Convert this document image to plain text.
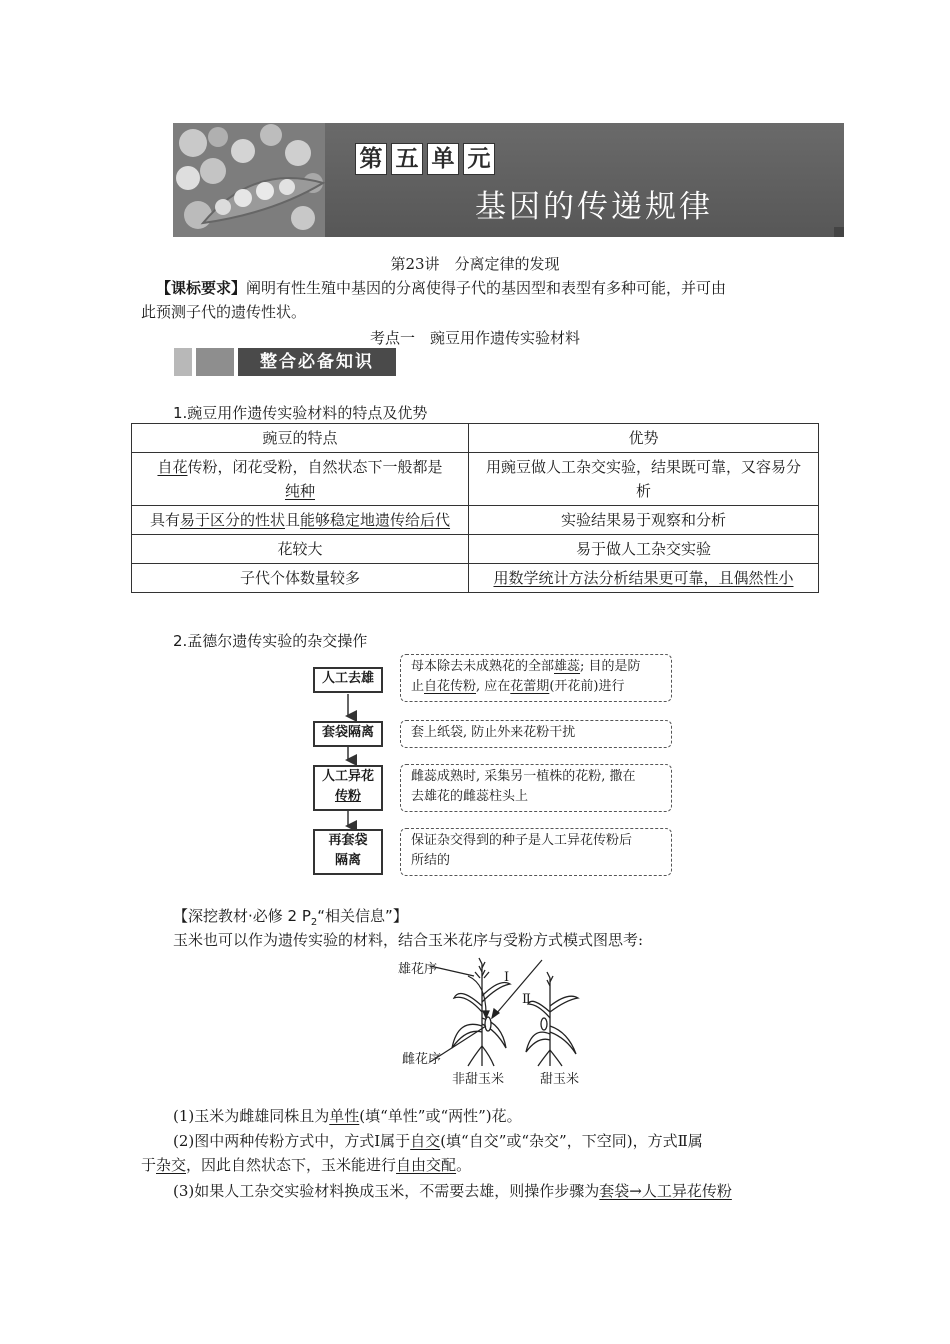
第 五 单 元
基因的传递规律
第23讲　分离定律的发现
【课标要求】阐明有性生殖中基因的分离使得子代的基因型和表型有多种可能，并可由
此预测子代的遗传性状。
考点一　豌豆用作遗传实验材料
整合必备知识
1.豌豆用作遗传实验材料的特点及优势
豌豆的特点	优势
自花传粉，闭花受粉，自然状态下一般都是
纯种	用豌豆做人工杂交实验，结果既可靠，又容易分析
具有易于区分的性状且能够稳定地遗传给后代	实验结果易于观察和分析
花较大	易于做人工杂交实验
子代个体数量较多	用数学统计方法分析结果更可靠，且偶然性小
2.孟德尔遗传实验的杂交操作
人工去雄
套袋隔离
人工异花
传粉
再套袋
隔离
母本除去未成熟花的全部雄蕊; 目的是防
止自花传粉, 应在花蕾期(开花前)进行
套上纸袋, 防止外来花粉干扰
雌蕊成熟时, 采集另一植株的花粉, 撒在
去雄花的雌蕊柱头上
保证杂交得到的种子是人工异花传粉后
所结的
【深挖教材·必修 2 $P_2“$相关信息”】
玉米也可以作为遗传实验的材料，结合玉米花序与受粉方式模式图思考:
雄花序
雌花序
Ⅰ
Ⅱ
非甜玉米	甜玉米
(1)玉米为雌雄同株且为单性(填“单性”或“两性”)花。
(2)图中两种传粉方式中，方式Ⅰ属于自交(填“自交”或“杂交”，下空同)，方式Ⅱ属
于杂交，因此自然状态下，玉米能进行自由交配。
(3)如果人工杂交实验材料换成玉米，不需要去雄，则操作步骤为套袋→人工异花传粉
